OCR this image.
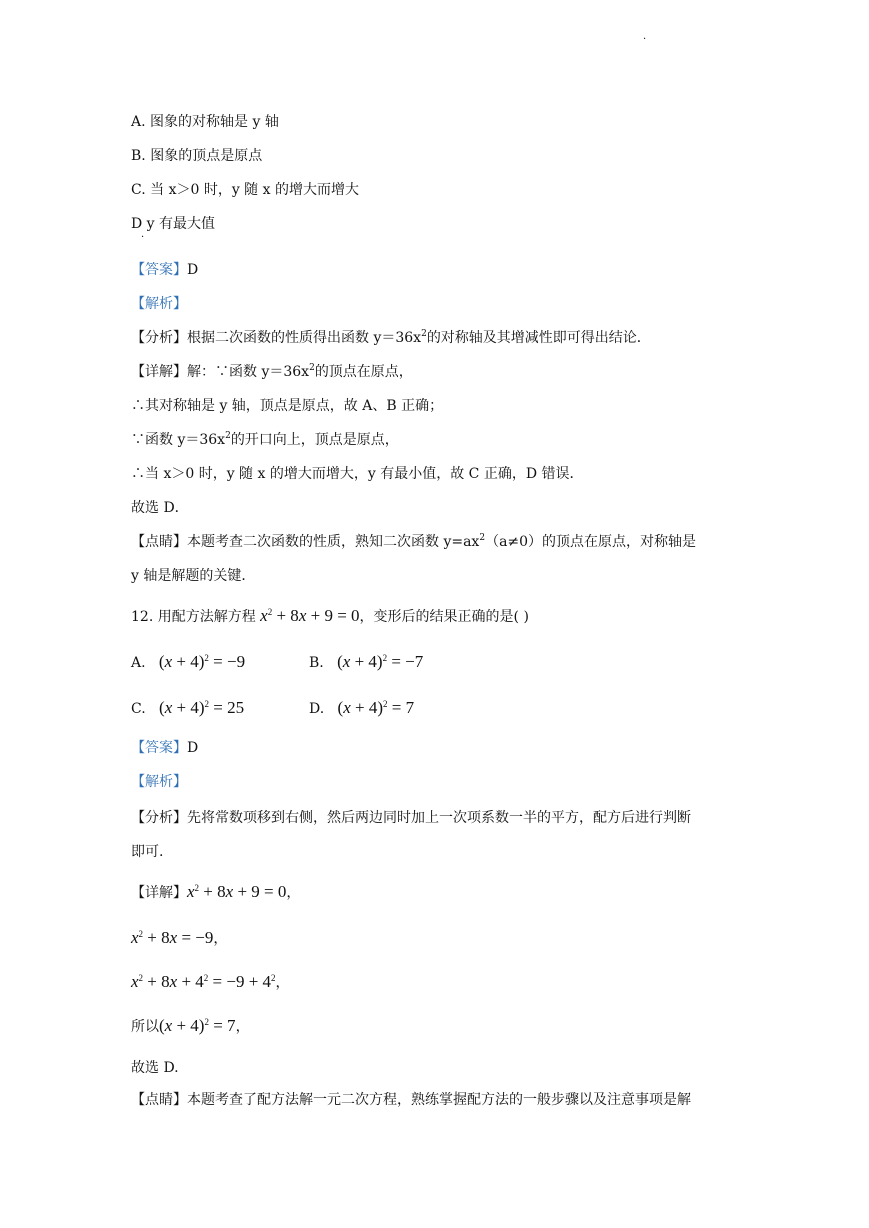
·
A. 图象的对称轴是 y 轴
B. 图象的顶点是原点
C. 当 x＞0 时，y 随 x 的增大而增大
D y 有最大值
·
【答案】D
【解析】
【分析】根据二次函数的性质得出函数 $y=36x^2$的对称轴及其增减性即可得出结论．
【详解】解：∵函数 $y=36x^2$的顶点在原点，
∴其对称轴是 y 轴，顶点是原点，故 A、B 正确；
∵函数 $y=36x^2$的开口向上，顶点是原点，
∴当 x＞0 时，y 随 x 的增大而增大，y 有最小值，故 C 正确，D 错误．
故选 D．
【点睛】本题考查二次函数的性质，熟知二次函数 $y=ax^2(a\ne 0)$的顶点在原点，对称轴是
y 轴是解题的关键．
12. 用配方法解方程 $x^2 + 8x + 9 = 0$，变形后的结果正确的是( )
A. $(x + 4)^2 = -9$	B. $(x + 4)^2 = -7$
C. $(x + 4)^2 = 25$	D. $(x + 4)^2 = 7$
【答案】D
【解析】
【分析】先将常数项移到右侧，然后两边同时加上一次项系数一半的平方，配方后进行判断
即可.
【详解】$x^2 + 8x + 9 = 0$，
$x^2 + 8x = -9$，
$x^2 + 8x + 4^2 = -9 + 4^2$，
所以$(x + 4)^2 = 7$，
故选 D.
【点睛】本题考查了配方法解一元二次方程，熟练掌握配方法的一般步骤以及注意事项是解
